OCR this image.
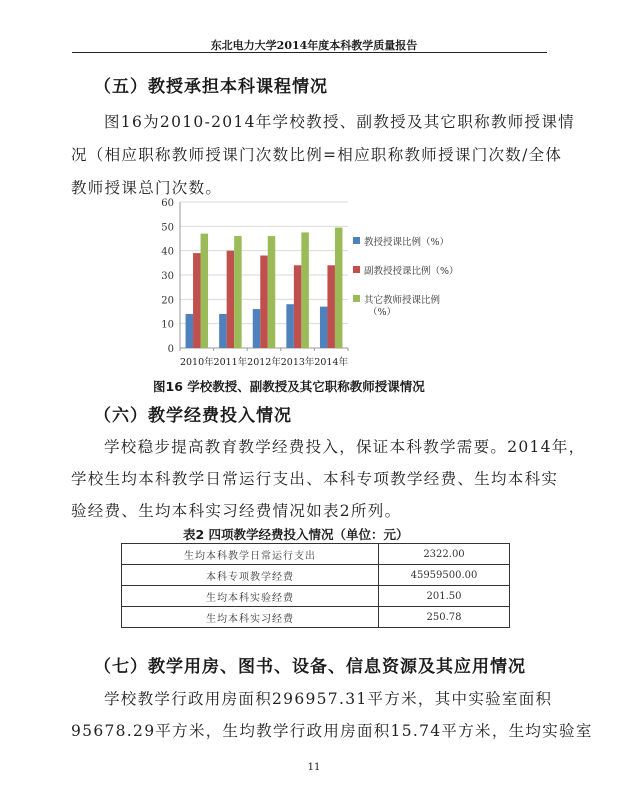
东北电力大学2014年度本科教学质量报告
（五）教授承担本科课程情况
图16为2010-2014年学校教授、副教授及其它职称教师授课情
况（相应职称教师授课门次数比例=相应职称教师授课门次数/全体
教师授课总门次数。
0
10
20
30
40
50
60
2010年 2011年 2012年 2013年 2014年
教授授课比例（%）
副教授授课比例（%）
其它教师授课比例
（%）
图16 学校教授、副教授及其它职称教师授课情况
（六）教学经费投入情况
学校稳步提高教育教学经费投入，保证本科教学需要。2014年，
学校生均本科教学日常运行支出、本科专项教学经费、生均本科实
验经费、生均本科实习经费情况如表2所列。
表2 四项教学经费投入情况（单位：元）
生均本科教学日常运行支出	2322.00
本科专项教学经费	45959500.00
生均本科实验经费	201.50
生均本科实习经费	250.78
（七）教学用房、图书、设备、信息资源及其应用情况
学校教学行政用房面积296957.31平方米，其中实验室面积
95678.29平方米，生均教学行政用房面积15.74平方米，生均实验室
11
